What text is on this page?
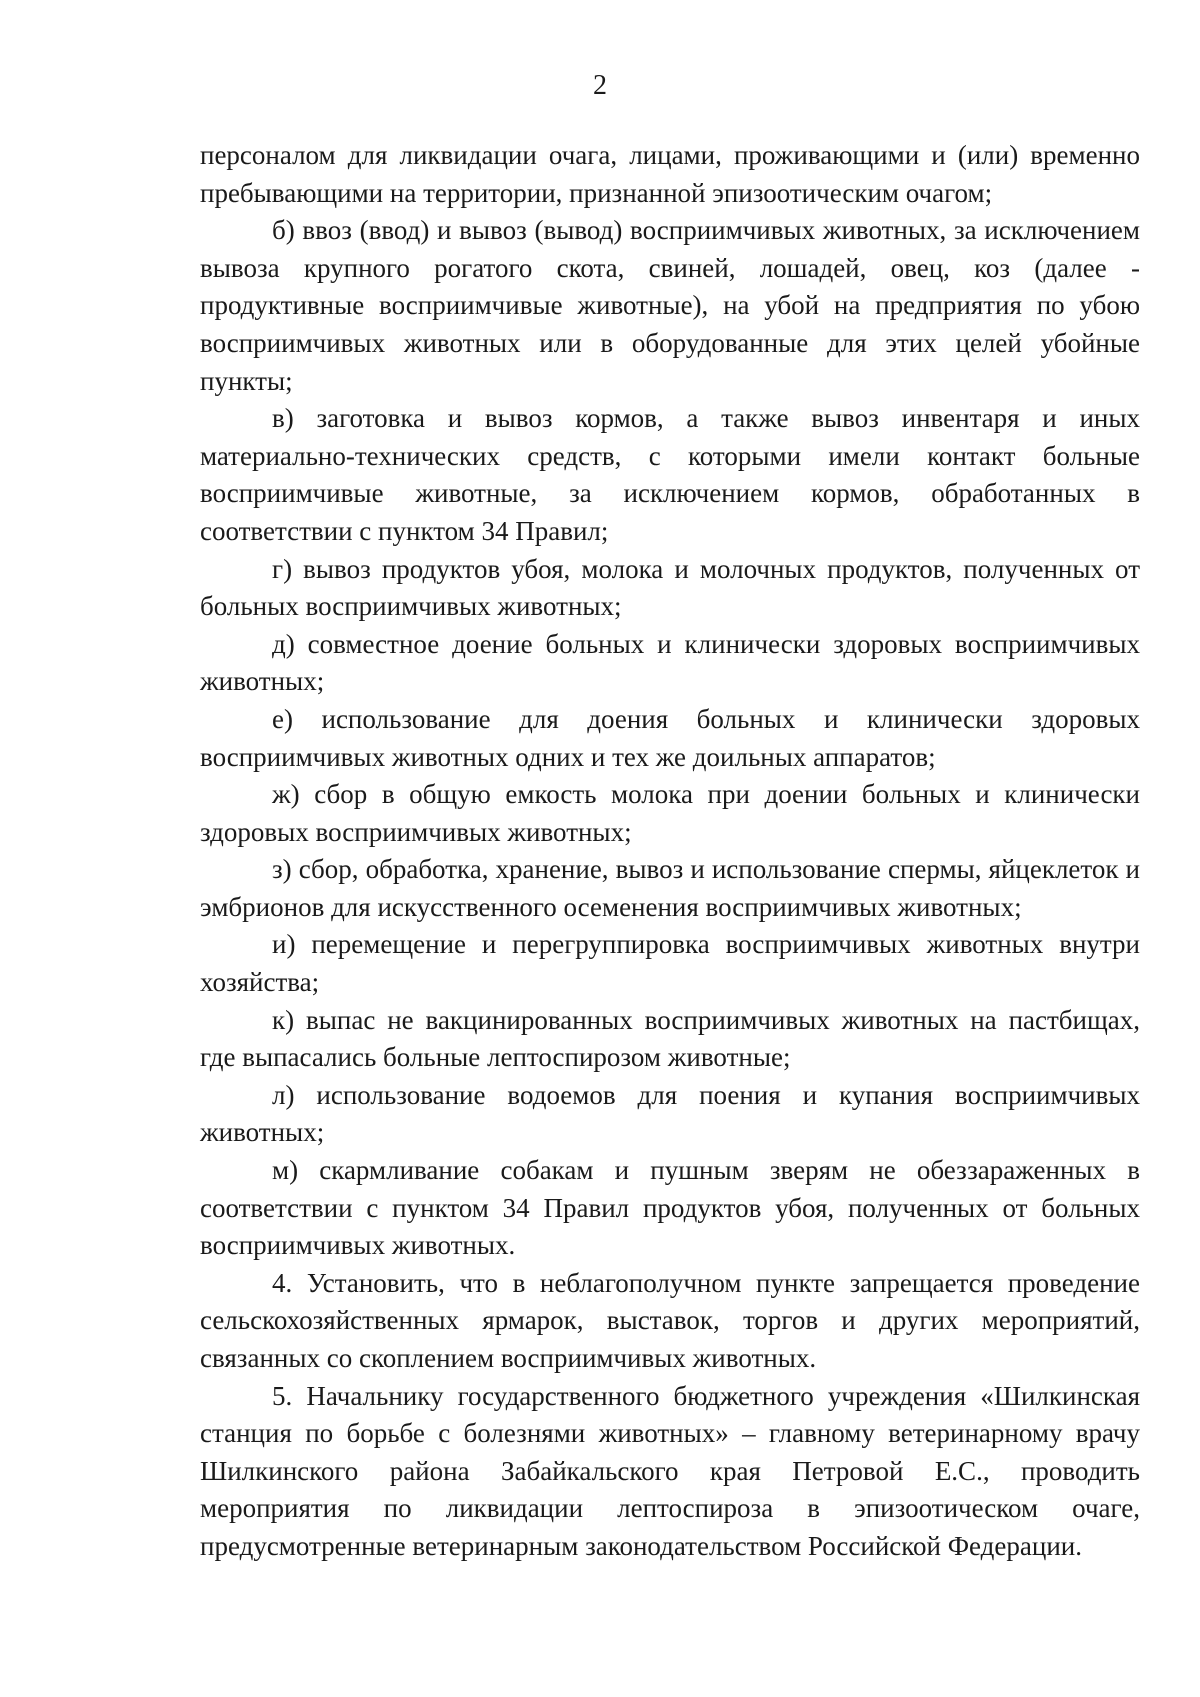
2

персоналом для ликвидации очага, лицами, проживающими и (или) временно пребывающими на территории, признанной эпизоотическим очагом;

б) ввоз (ввод) и вывоз (вывод) восприимчивых животных, за исключением вывоза крупного рогатого скота, свиней, лошадей, овец, коз (далее - продуктивные восприимчивые животные), на убой на предприятия по убою восприимчивых животных или в оборудованные для этих целей убойные пункты;

в) заготовка и вывоз кормов, а также вывоз инвентаря и иных материально-технических средств, с которыми имели контакт больные восприимчивые животные, за исключением кормов, обработанных в соответствии с пунктом 34 Правил;

г) вывоз продуктов убоя, молока и молочных продуктов, полученных от больных восприимчивых животных;

д) совместное доение больных и клинически здоровых восприимчивых животных;

е) использование для доения больных и клинически здоровых восприимчивых животных одних и тех же доильных аппаратов;

ж) сбор в общую емкость молока при доении больных и клинически здоровых восприимчивых животных;

з) сбор, обработка, хранение, вывоз и использование спермы, яйцеклеток и эмбрионов для искусственного осеменения восприимчивых животных;

и) перемещение и перегруппировка восприимчивых животных внутри хозяйства;

к) выпас не вакцинированных восприимчивых животных на пастбищах, где выпасались больные лептоспирозом животные;

л) использование водоемов для поения и купания восприимчивых животных;

м) скармливание собакам и пушным зверям не обеззараженных в соответствии с пунктом 34 Правил продуктов убоя, полученных от больных восприимчивых животных.

4. Установить, что в неблагополучном пункте запрещается проведение сельскохозяйственных ярмарок, выставок, торгов и других мероприятий, связанных со скоплением восприимчивых животных.

5. Начальнику государственного бюджетного учреждения «Шилкинская станция по борьбе с болезнями животных» – главному ветеринарному врачу Шилкинского района Забайкальского края Петровой Е.С., проводить мероприятия по ликвидации лептоспироза в эпизоотическом очаге, предусмотренные ветеринарным законодательством Российской Федерации.
